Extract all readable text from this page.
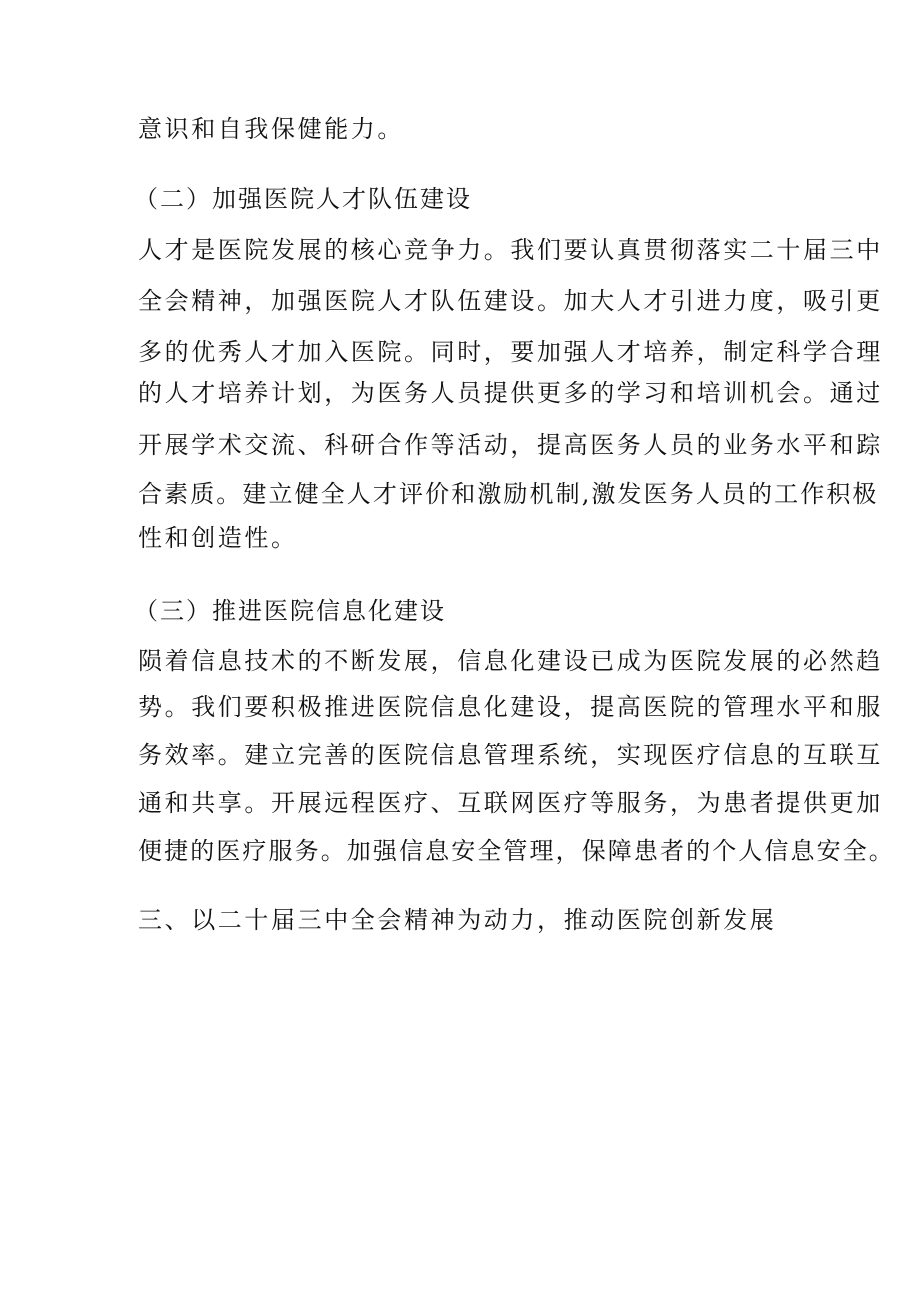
意识和自我保健能力。
（二）加强医院人才队伍建设
人才是医院发展的核心竞争力。我们要认真贯彻落实二十届三中
全会精神，加强医院人才队伍建设。加大人才引进力度，吸引更
多的优秀人才加入医院。同时，要加强人才培养，制定科学合理
的人才培养计划，为医务人员提供更多的学习和培训机会。通过
开展学术交流、科研合作等活动，提高医务人员的业务水平和踪
合素质。建立健全人才评价和激励机制,激发医务人员的工作积极
性和创造性。
（三）推进医院信息化建设
陨着信息技术的不断发展，信息化建设已成为医院发展的必然趋
势。我们要积极推进医院信息化建设，提高医院的管理水平和服
务效率。建立完善的医院信息管理系统，实现医疗信息的互联互
通和共享。开展远程医疗、互联网医疗等服务，为患者提供更加
便捷的医疗服务。加强信息安全管理，保障患者的个人信息安全。
三、以二十届三中全会精神为动力，推动医院创新发展
